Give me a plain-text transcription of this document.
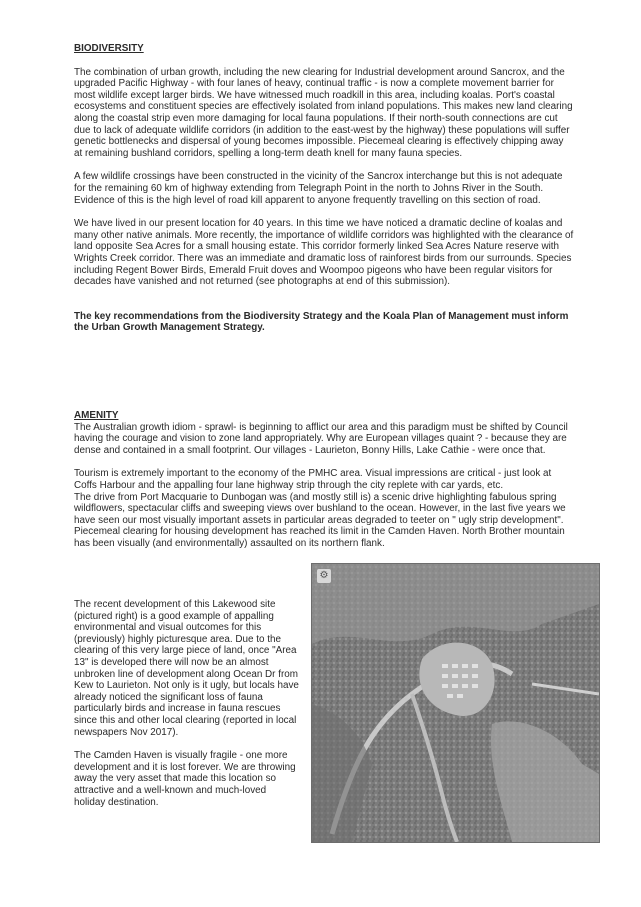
BIODIVERSITY

The combination of urban growth, including the new clearing for Industrial development around Sancrox, and the upgraded Pacific Highway - with four lanes of heavy, continual traffic - is now a complete movement barrier for most wildlife except larger birds. We have witnessed much roadkill in this area, including koalas. Port's coastal ecosystems and constituent species are effectively isolated from inland populations. This makes new land clearing along the coastal strip even more damaging for local fauna populations. If their north-south connections are cut due to lack of adequate wildlife corridors (in addition to the east-west by the highway) these populations will suffer genetic bottlenecks and dispersal of young becomes impossible. Piecemeal clearing is effectively chipping away at remaining bushland corridors, spelling a long-term death knell for many fauna species.

A few wildlife crossings have been constructed in the vicinity of the Sancrox interchange but this is not adequate for the remaining 60 km of highway extending from Telegraph Point in the north to Johns River in the South. Evidence of this is the high level of road kill apparent to anyone frequently travelling on this section of road.

We have lived in our present location for 40 years. In this time we have noticed a dramatic decline of koalas and many other native animals. More recently, the importance of wildlife corridors was highlighted with the clearance of land opposite Sea Acres for a small housing estate. This corridor formerly linked Sea Acres Nature reserve with Wrights Creek corridor. There was an immediate and dramatic loss of rainforest birds from our surrounds. Species including Regent Bower Birds, Emerald Fruit doves and Woompoo pigeons who have been regular visitors for decades have vanished and not returned (see photographs at end of this submission).

The key recommendations from the Biodiversity Strategy and the Koala Plan of Management must inform the Urban Growth Management Strategy.

AMENITY

The Australian growth idiom - sprawl- is beginning to afflict our area and this paradigm must be shifted by Council having the courage and vision to zone land appropriately. Why are European villages quaint ? - because they are dense and contained in a small footprint. Our villages - Laurieton, Bonny Hills, Lake Cathie - were once that.

Tourism is extremely important to the economy of the PMHC area. Visual impressions are critical - just look at Coffs Harbour and the appalling four lane highway strip through the city replete with car yards, etc.

The drive from Port Macquarie to Dunbogan was (and mostly still is) a scenic drive highlighting fabulous spring wildflowers, spectacular cliffs and sweeping views over bushland to the ocean. However, in the last five years we have seen our most visually important assets in particular areas degraded to teeter on " ugly strip development". Piecemeal clearing for housing development has reached its limit in the Camden Haven. North Brother mountain has been visually (and environmentally) assaulted on its northern flank.

The recent development of this Lakewood site (pictured right) is a good example of appalling environmental and visual outcomes for this (previously) highly picturesque area. Due to the clearing of this very large piece of land, once "Area 13" is developed there will now be an almost unbroken line of development along Ocean Dr from Kew to Laurieton. Not only is it ugly, but locals have already noticed the significant loss of fauna particularly birds and increase in fauna rescues since this and other local clearing (reported in local newspapers Nov 2017).

The Camden Haven is visually fragile - one more development and it is lost forever. We are throwing away the very asset that made this location so attractive and a well-known and much-loved holiday destination.

⚙
